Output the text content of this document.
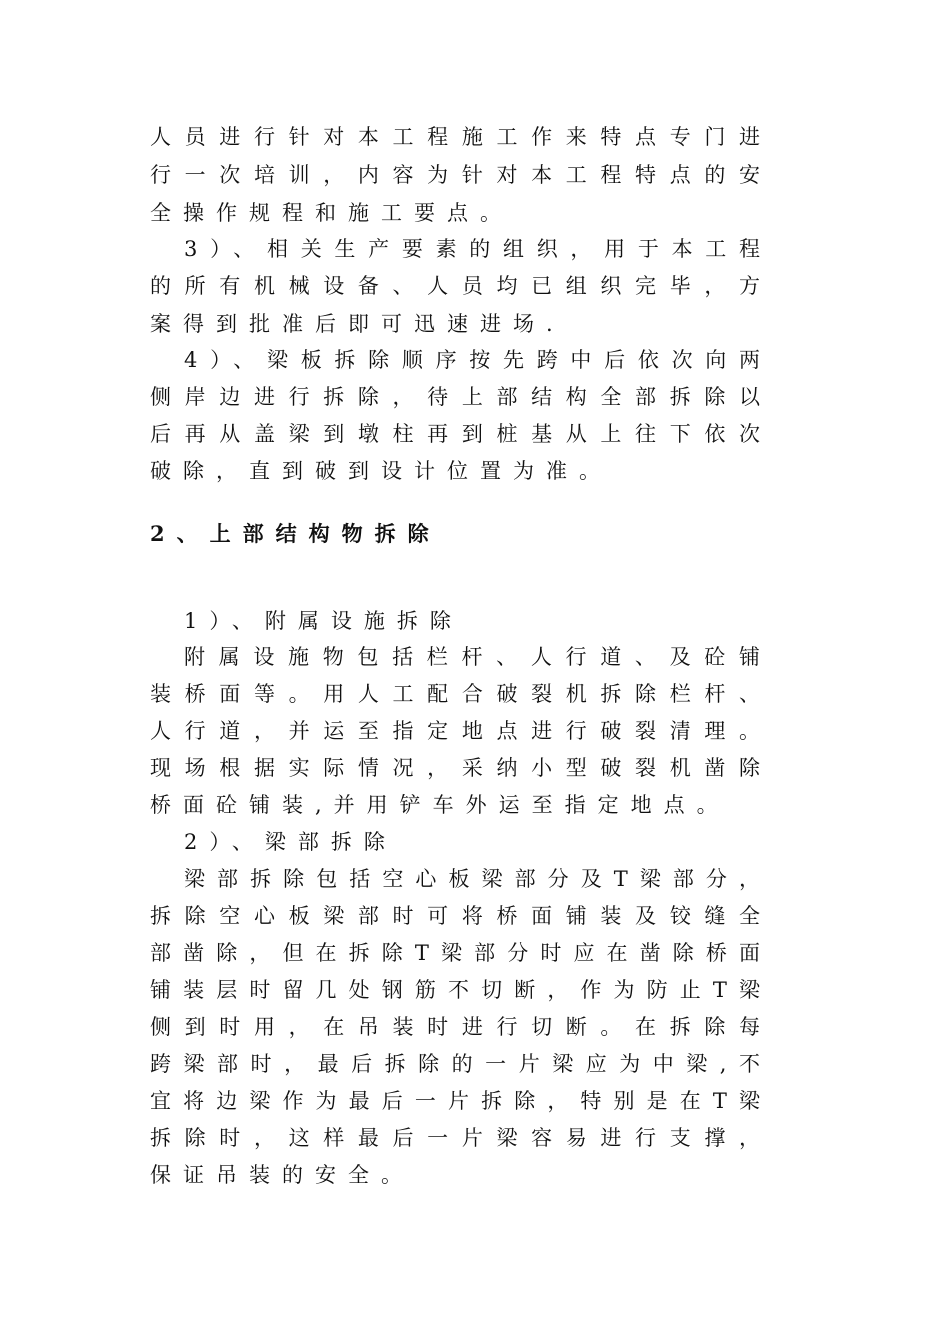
人员进行针对本工程施工作来特点专门进
行一次培训，内容为针对本工程特点的安
全操作规程和施工要点。
3）、相关生产要素的组织，用于本工程
的所有机械设备、人员均已组织完毕，方
案得到批准后即可迅速进场.
4）、梁板拆除顺序按先跨中后依次向两
侧岸边进行拆除，待上部结构全部拆除以
后再从盖梁到墩柱再到桩基从上往下依次
破除，直到破到设计位置为准。
2、上部结构物拆除
1）、附属设施拆除
附属设施物包括栏杆、人行道、及砼铺
装桥面等。用人工配合破裂机拆除栏杆、
人行道，并运至指定地点进行破裂清理。
现场根据实际情况，采纳小型破裂机凿除
桥面砼铺装,并用铲车外运至指定地点。
2）、梁部拆除
梁部拆除包括空心板梁部分及T梁部分，
拆除空心板梁部时可将桥面铺装及铰缝全
部凿除，但在拆除T梁部分时应在凿除桥面
铺装层时留几处钢筋不切断，作为防止T梁
侧到时用，在吊装时进行切断。在拆除每
跨梁部时，最后拆除的一片梁应为中梁,不
宜将边梁作为最后一片拆除，特别是在T梁
拆除时，这样最后一片梁容易进行支撑，
保证吊装的安全。
